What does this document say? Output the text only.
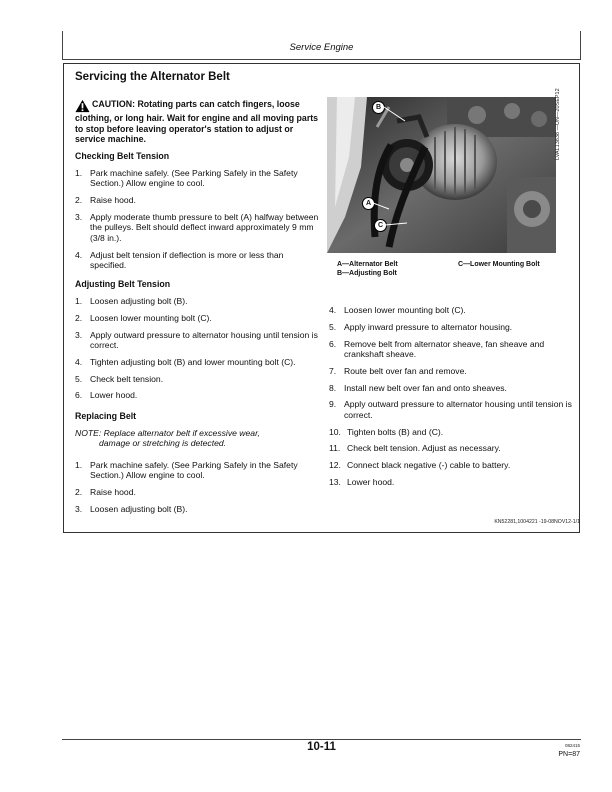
Service Engine
Servicing the Alternator Belt
CAUTION: Rotating parts can catch fingers, loose clothing, or long hair. Wait for engine and all moving parts to stop before leaving operator's station to adjust or service machine.
Checking Belt Tension
1. Park machine safely. (See Parking Safely in the Safety Section.) Allow engine to cool.
2. Raise hood.
3. Apply moderate thumb pressure to belt (A) halfway between the pulleys. Belt should deflect inward approximately 9 mm (3/8 in.).
4. Adjust belt tension if deflection is more or less than specified.
Adjusting Belt Tension
1. Loosen adjusting bolt (B).
2. Loosen lower mounting bolt (C).
3. Apply outward pressure to alternator housing until tension is correct.
4. Tighten adjusting bolt (B) and lower mounting bolt (C).
5. Check belt tension.
6. Lower hood.
Replacing Belt
NOTE: Replace alternator belt if excessive wear,
damage or stretching is detected.
1. Park machine safely. (See Parking Safely in the Safety Section.) Allow engine to cool.
2. Raise hood.
3. Loosen adjusting bolt (B).
B
A
C
LVAL13838 —UN—20SEP12
A—Alternator Belt
B—Adjusting Bolt
C—Lower Mounting Bolt
4. Loosen lower mounting bolt (C).
5. Apply inward pressure to alternator housing.
6. Remove belt from alternator sheave, fan sheave and crankshaft sheave.
7. Route belt over fan and remove.
8. Install new belt over fan and onto sheaves.
9. Apply outward pressure to alternator housing until tension is correct.
10. Tighten bolts (B) and (C).
11. Check belt tension. Adjust as necessary.
12. Connect black negative (-) cable to battery.
13. Lower hood.
KN52281,1004221 -19-08NOV12-1/1
10-11	082415
PN=87
